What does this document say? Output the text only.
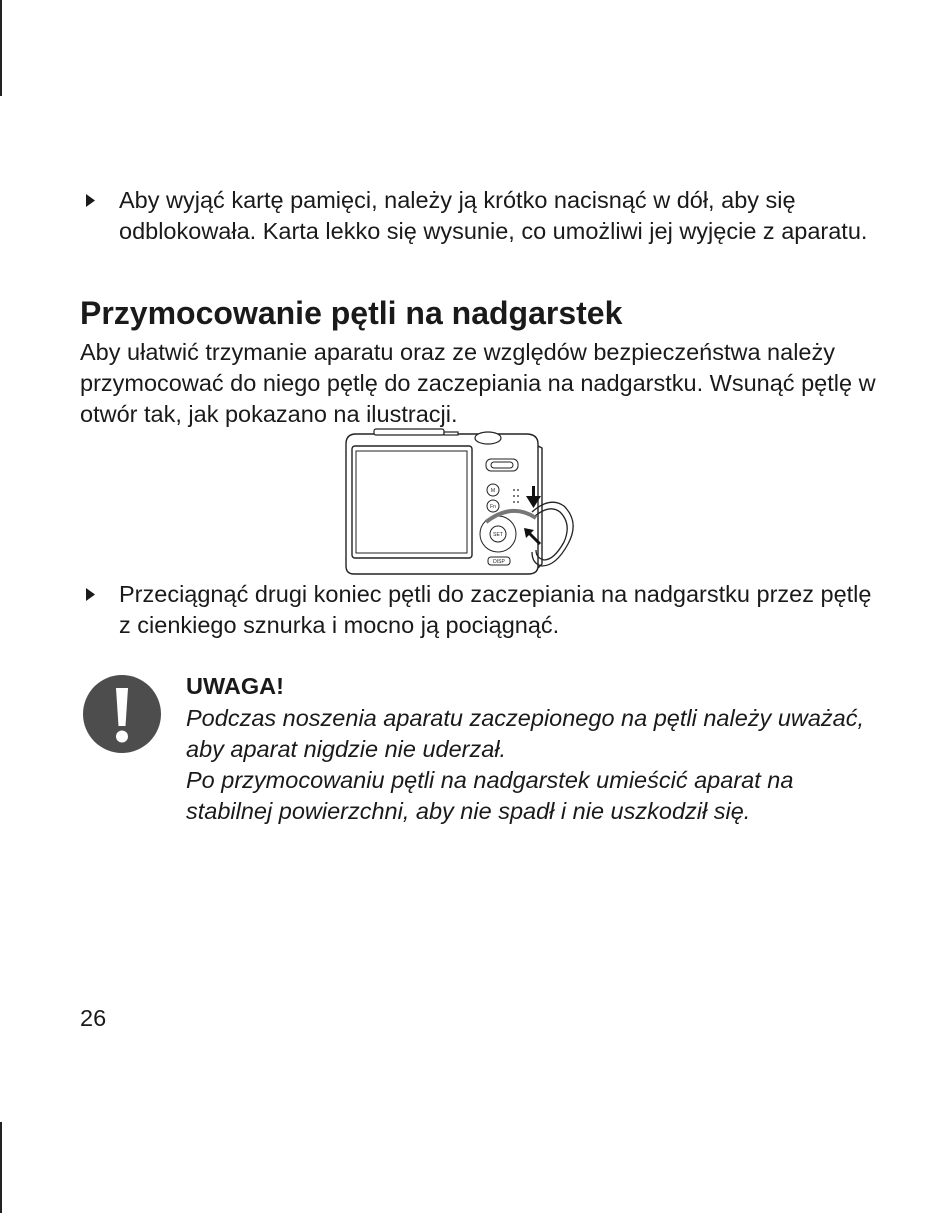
Aby wyjąć kartę pamięci, należy ją krótko nacisnąć w dół, aby się odblokowała. Karta lekko się wysunie, co umożliwi jej wyjęcie z aparatu.
Przymocowanie pętli na nadgarstek
Aby ułatwić trzymanie aparatu oraz ze względów bezpieczeństwa należy przymocować do niego pętlę do zaczepiania na nadgarstku. Wsunąć pętlę w otwór tak, jak pokazano na ilustracji.
M
Fn
SET
DISP
Przeciągnąć drugi koniec pętli do zaczepiania na nadgarstku przez pętlę z cienkiego sznurka i mocno ją pociągnąć.
UWAGA!

Podczas noszenia aparatu zaczepionego na pętli należy uważać, aby aparat nigdzie nie uderzał.

Po przymocowaniu pętli na nadgarstek umieścić aparat na stabilnej powierzchni, aby nie spadł i nie uszkodził się.

26
